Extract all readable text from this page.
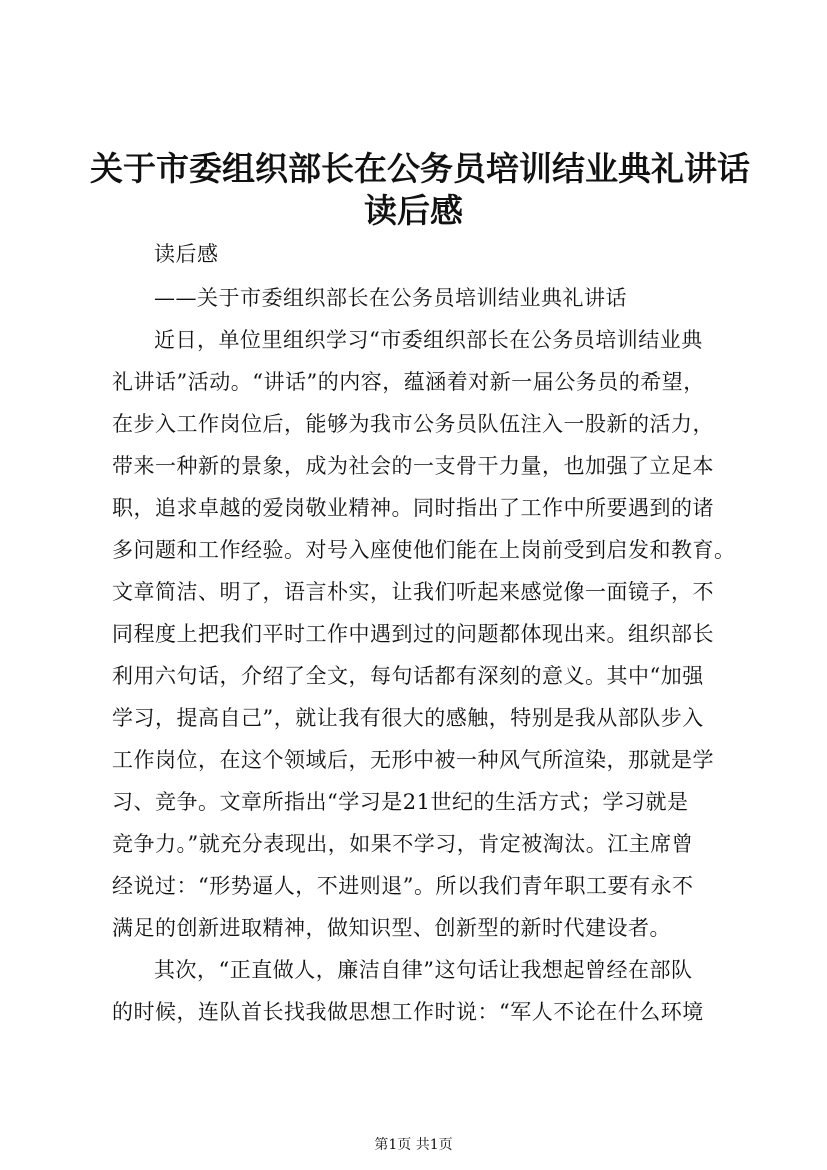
关于市委组织部长在公务员培训结业典礼讲话
读后感
读后感
——关于市委组织部长在公务员培训结业典礼讲话
近日，单位里组织学习“市委组织部长在公务员培训结业典
礼讲话”活动。“讲话”的内容，蕴涵着对新一届公务员的希望，
在步入工作岗位后，能够为我市公务员队伍注入一股新的活力，
带来一种新的景象，成为社会的一支骨干力量，也加强了立足本
职，追求卓越的爱岗敬业精神。同时指出了工作中所要遇到的诸
多问题和工作经验。对号入座使他们能在上岗前受到启发和教育。
文章简洁、明了，语言朴实，让我们听起来感觉像一面镜子，不
同程度上把我们平时工作中遇到过的问题都体现出来。组织部长
利用六句话，介绍了全文，每句话都有深刻的意义。其中“加强
学习，提高自己”，就让我有很大的感触，特别是我从部队步入
工作岗位，在这个领域后，无形中被一种风气所渲染，那就是学
习、竞争。文章所指出“学习是21世纪的生活方式；学习就是
竞争力。”就充分表现出，如果不学习，肯定被淘汰。江主席曾
经说过：“形势逼人，不进则退”。所以我们青年职工要有永不
满足的创新进取精神，做知识型、创新型的新时代建设者。
其次，“正直做人，廉洁自律”这句话让我想起曾经在部队
的时候，连队首长找我做思想工作时说：“军人不论在什么环境
第1页 共1页
